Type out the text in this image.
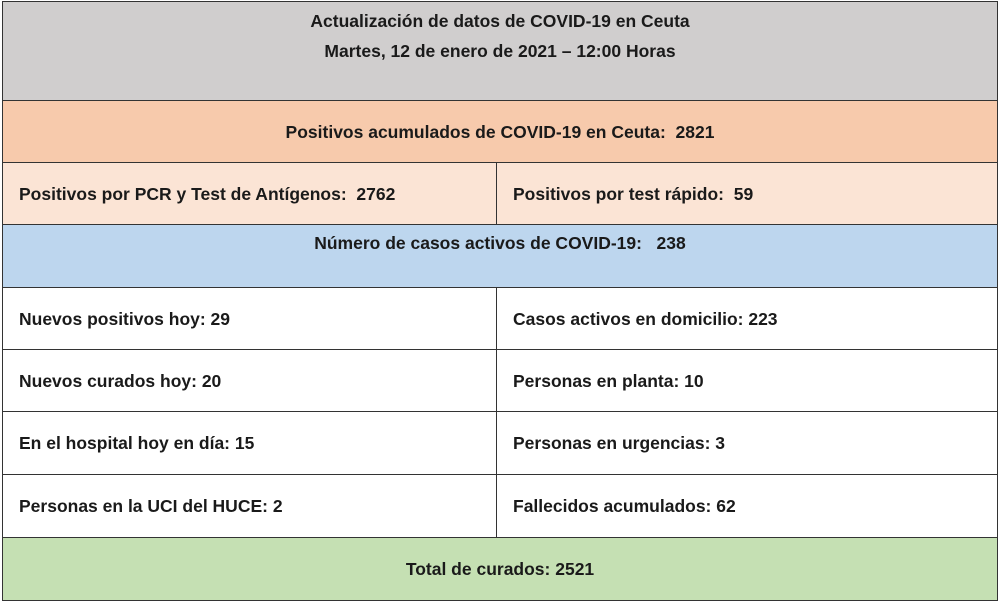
Actualización de datos de COVID-19 en Ceuta
Martes, 12 de enero de 2021 – 12:00 Horas
Positivos acumulados de COVID-19 en Ceuta:  2821
Positivos por PCR y Test de Antígenos:  2762	Positivos por test rápido:  59
Número de casos activos de COVID-19:   238
Nuevos positivos hoy: 29	Casos activos en domicilio: 223
Nuevos curados hoy: 20	Personas en planta: 10
En el hospital hoy en día: 15	Personas en urgencias: 3
Personas en la UCI del HUCE: 2	Fallecidos acumulados: 62
Total de curados: 2521
